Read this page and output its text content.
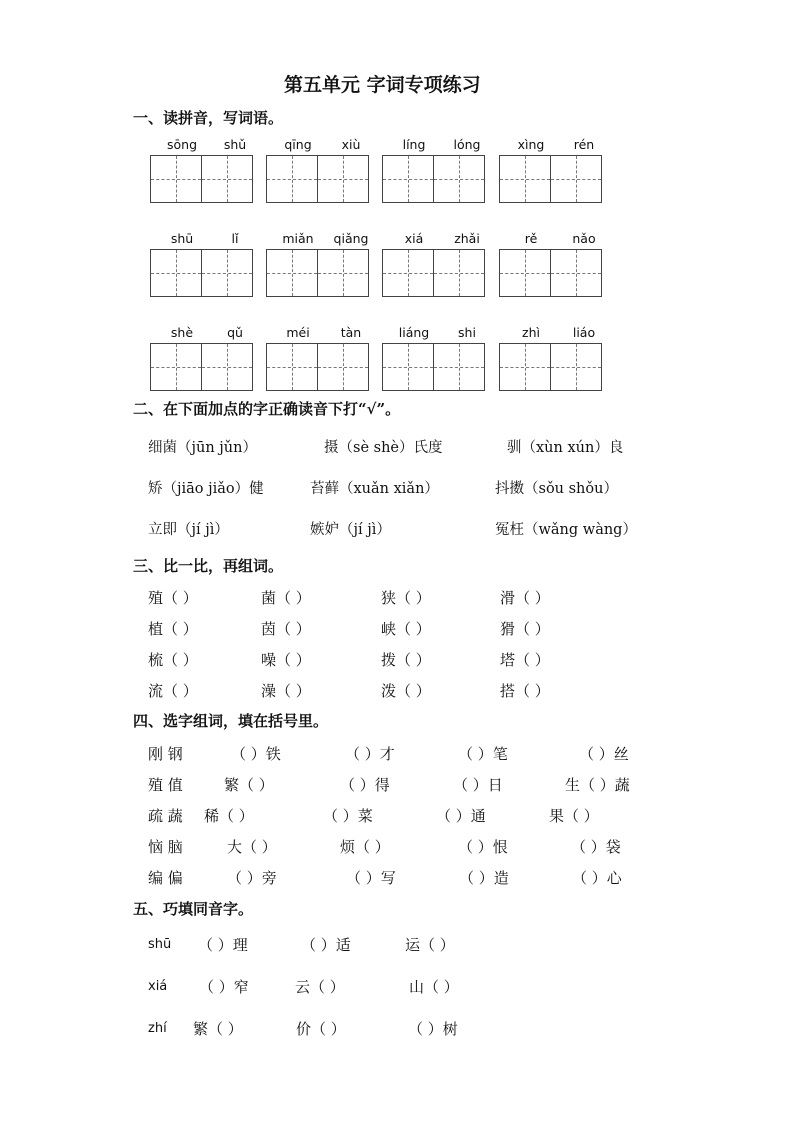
第五单元 字词专项练习
一、读拼音，写词语。
sōng	shǔ	qīng	xiù	líng	lóng	xìng	rén
shū	lǐ	miǎn	qiǎng	xiá	zhǎi	rě	nǎo
shè	qǔ	méi	tàn	liáng	shi	zhì	liáo
二、在下面加点的字正确读音下打“√”。
细菌（jūn jǔn）	摄（sè shè）氏度	驯（xùn xún）良
矫（jiāo jiǎo）健	苔藓（xuǎn xiǎn）	抖擞（sǒu shǒu）
立即（jí jì）	嫉妒（jí jì）	冤枉（wǎng wàng）
三、比一比，再组词。
殖（ ）	菌（ ）	狭（ ）	滑（ ）
植（ ）	茵（ ）	峡（ ）	猾（ ）
梳（ ）	噪（ ）	拨（ ）	塔（ ）
流（ ）	澡（ ）	泼（ ）	搭（ ）
四、选字组词，填在括号里。
刚 钢	（ ）铁	（ ）才	（ ）笔	（ ）丝
殖 值	繁（ ）	（ ）得	（ ）日	生（ ）蔬
疏 蔬 稀（ ）	（ ）菜	（ ）通	果（ ）
恼 脑	大（ ）	烦（ ）	（ ）恨	（ ）袋
编 偏	（ ）旁	（ ）写	（ ）造	（ ）心
五、巧填同音字。
shū （ ）理	（ ）适	运（ ）
xiá （ ）窄	云（ ）	山（ ）
zhí 繁（ ）	价（ ）	（ ）树
